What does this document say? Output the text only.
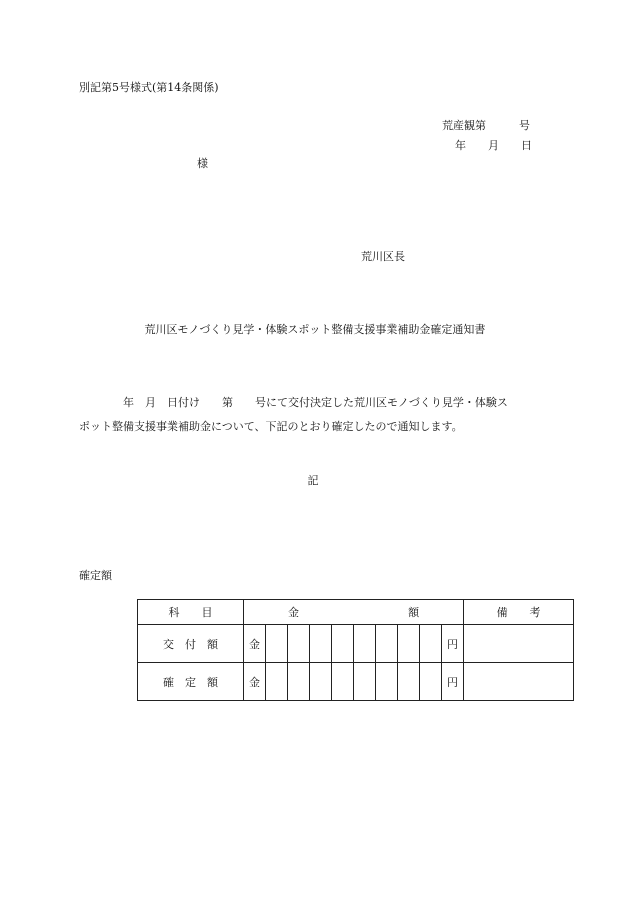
別記第5号様式(第14条関係)
荒産観第　　　号
年　　月　　日
様
荒川区長
荒川区モノづくり見学・体験スポット整備支援事業補助金確定通知書
年　月　日付け　　第　　号にて交付決定した荒川区モノづくり見学・体験ス
ポット整備支援事業補助金について、下記のとおり確定したので通知します。
記
確定額
科　　目	金 額										備　　考
交　付　額	金									円	
確　定　額	金									円	
